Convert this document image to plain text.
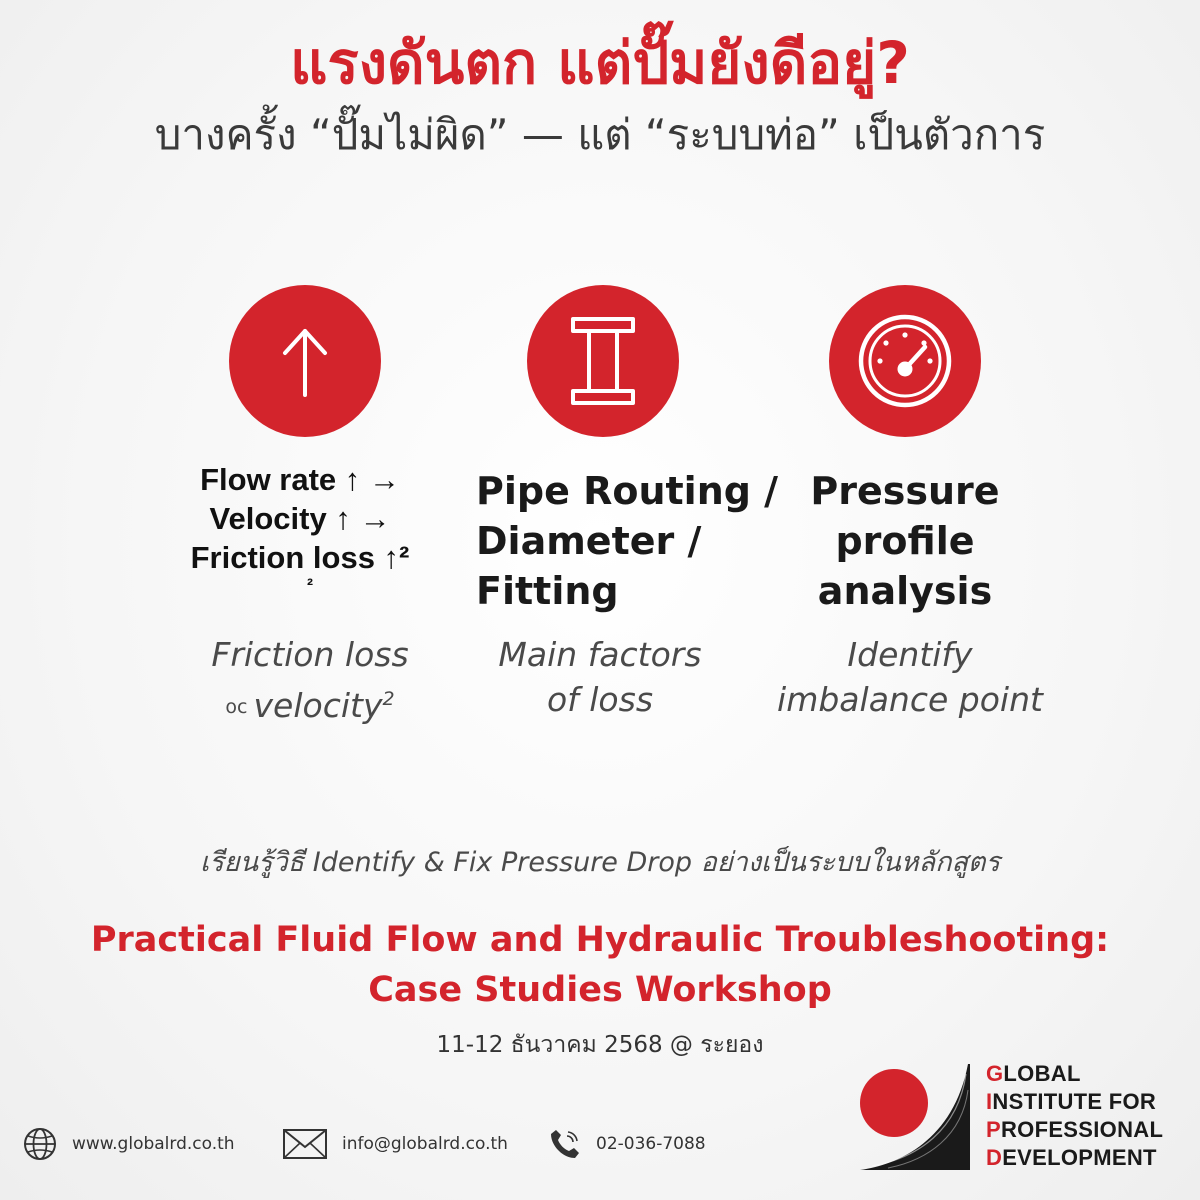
แรงดันตก แต่ปั๊มยังดีอยู่?
บางครั้ง “ปั๊มไม่ผิด” — แต่ “ระบบท่อ” เป็นตัวการ
Flow rate ↑ →
Velocity ↑ →
Friction loss ↑²
²
Friction loss
oc velocity$^2$
Pipe Routing /
Diameter /
Fitting
Main factors
of loss
Pressure
profile
analysis
Identify
imbalance point
เรียนรู้วิธี Identify & Fix Pressure Drop อย่างเป็นระบบในหลักสูตร
Practical Fluid Flow and Hydraulic Troubleshooting:
Case Studies Workshop
11-12 ธันวาคม 2568 @ ระยอง
www.globalrd.co.th	info@globalrd.co.th	02-036-7088
GLOBAL
INSTITUTE FOR
PROFESSIONAL
DEVELOPMENT
